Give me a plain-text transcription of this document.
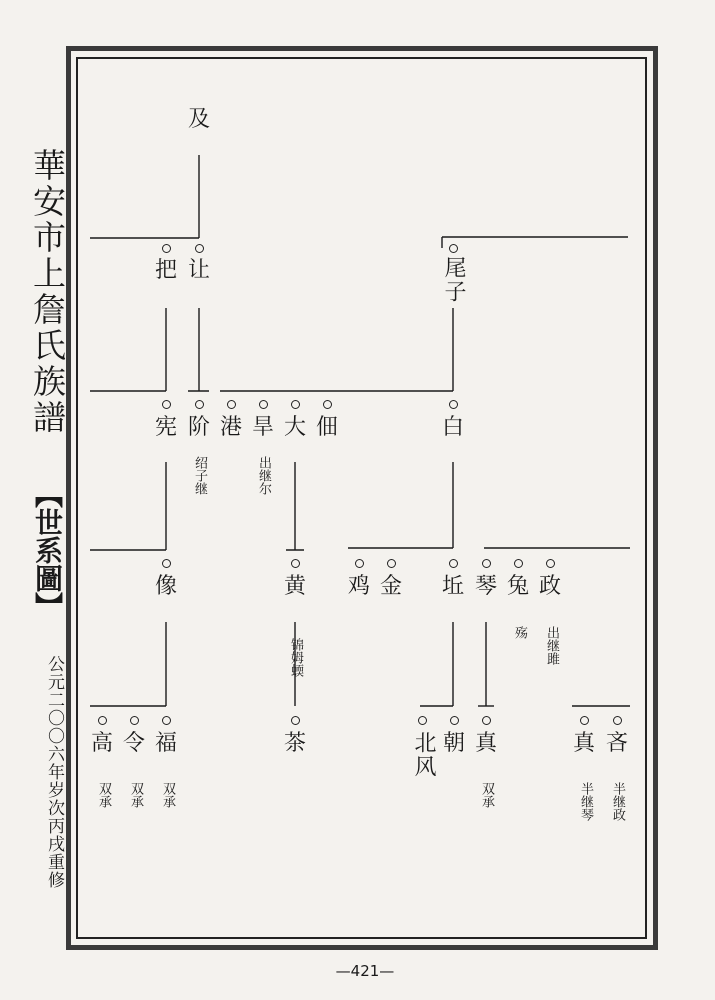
華安市上詹氏族譜
【世系圖】
公元二〇〇六年岁次丙戌重修
—421—
及
把 让	尾子
宪 阶 港 旱 大 佃	白
绍子继	出继尔
像	黄 鸡 金 坵 琴 兔 政
锦姆蝡
殇 出继雎
高 令 福	茶	北风 朝 真	真 吝
双承 双承 双承	双承	半继琴 半继政
